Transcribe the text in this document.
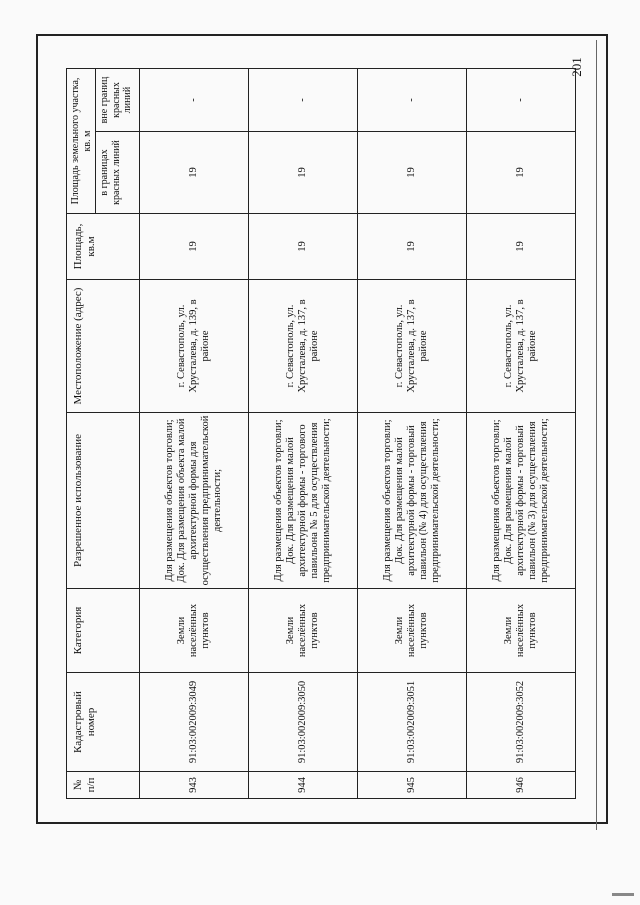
201
№ п/п	Кадастровый номер	Категория	Разрешенное использование	Местоположение (адрес)	Площадь, кв.м	Площадь земельного участка, кв. м	
						в границах красных линий	вне границ красных линий
943	91:03:002009:3049	Земли населённых пунктов	Для размещения объектов торговли; Док. Для размещения объекта малой архитектурной формы для осуществления предпринимательской деятельности;	г. Севастополь, ул. Хрусталева, д. 139, в районе	19	19	-
944	91:03:002009:3050	Земли населённых пунктов	Для размещения объектов торговли; Док. Для размещения малой архитектурной формы - торгового павильона № 5 для осуществления предпринимательской деятельности;	г. Севастополь, ул. Хрусталева, д. 137, в районе	19	19	-
945	91:03:002009:3051	Земли населённых пунктов	Для размещения объектов торговли; Док. Для размещения малой архитектурной формы - торговый павильон (№ 4) для осуществления предпринимательской деятельности;	г. Севастополь, ул. Хрусталева, д. 137, в районе	19	19	-
946	91:03:002009:3052	Земли населённых пунктов	Для размещения объектов торговли; Док. Для размещения малой архитектурной формы - торговый павильон (№ 3) для осуществления предпринимательской деятельности;	г. Севастополь, ул. Хрусталева, д. 137, в районе	19	19	-
